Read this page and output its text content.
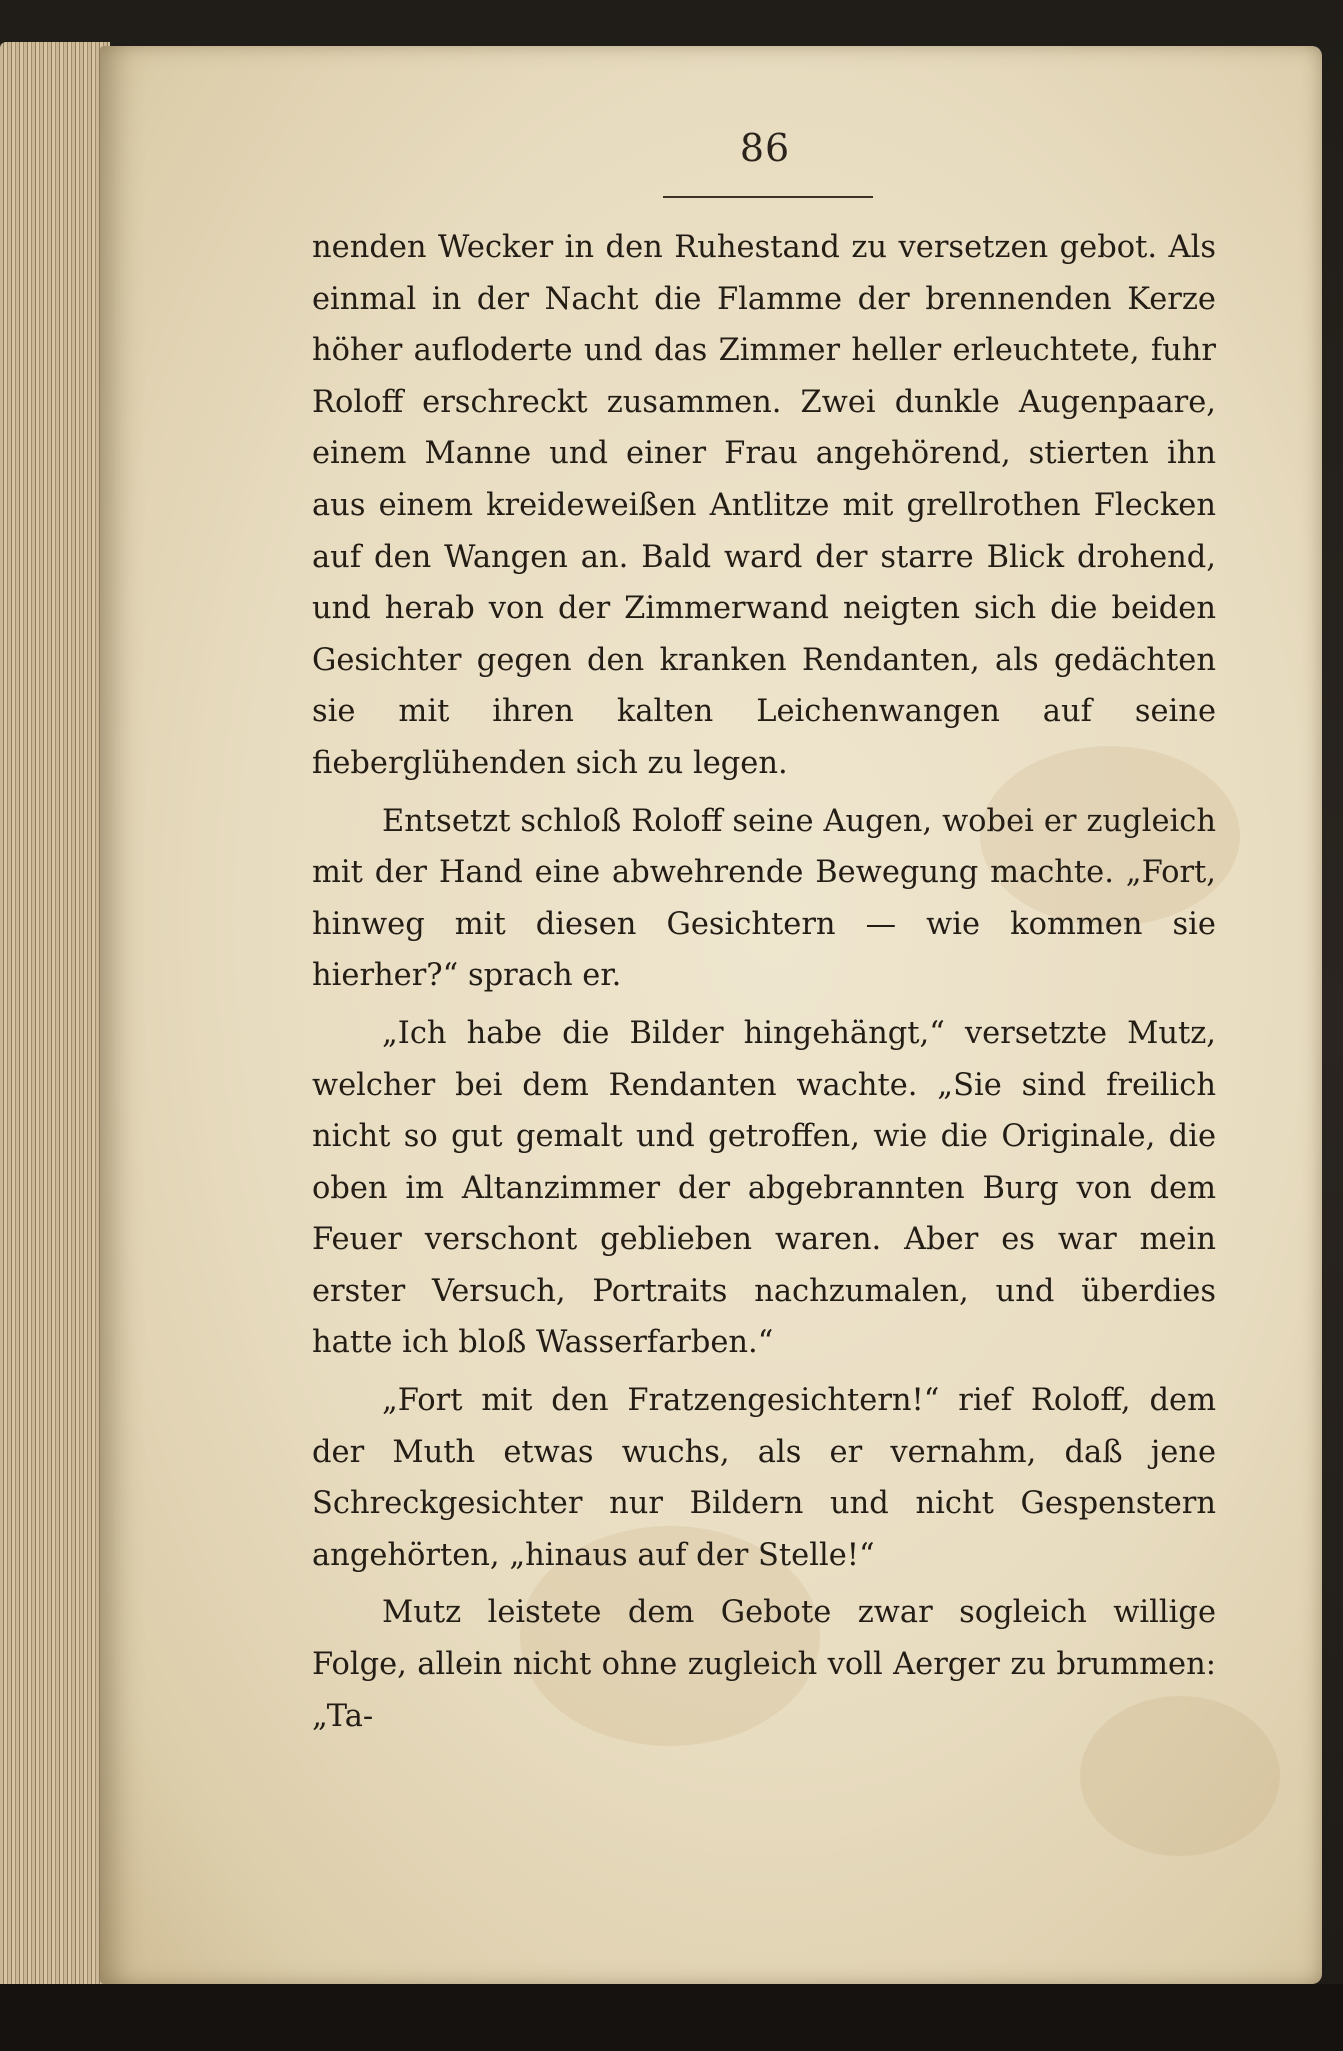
86

nenden Wecker in den Ruhestand zu versetzen gebot. Als einmal in der Nacht die Flamme der brennenden Kerze höher aufloderte und das Zimmer heller erleuchtete, fuhr Roloff erschreckt zusammen. Zwei dunkle Augenpaare, einem Manne und einer Frau angehörend, stierten ihn aus einem kreideweißen Antlitze mit grellrothen Flecken auf den Wangen an. Bald ward der starre Blick drohend, und herab von der Zimmerwand neigten sich die beiden Gesichter gegen den kranken Rendanten, als gedächten sie mit ihren kalten Leichenwangen auf seine fieberglühenden sich zu legen.

Entsetzt schloß Roloff seine Augen, wobei er zugleich mit der Hand eine abwehrende Bewegung machte. „Fort, hinweg mit diesen Gesichtern — wie kommen sie hierher?“ sprach er.

„Ich habe die Bilder hingehängt,“ versetzte Mutz, welcher bei dem Rendanten wachte. „Sie sind freilich nicht so gut gemalt und getroffen, wie die Originale, die oben im Altanzimmer der abgebrannten Burg von dem Feuer verschont geblieben waren. Aber es war mein erster Versuch, Portraits nachzumalen, und überdies hatte ich bloß Wasserfarben.“

„Fort mit den Fratzengesichtern!“ rief Roloff, dem der Muth etwas wuchs, als er vernahm, daß jene Schreckgesichter nur Bildern und nicht Gespenstern angehörten, „hinaus auf der Stelle!“

Mutz leistete dem Gebote zwar sogleich willige Folge, allein nicht ohne zugleich voll Aerger zu brummen: „Ta-
